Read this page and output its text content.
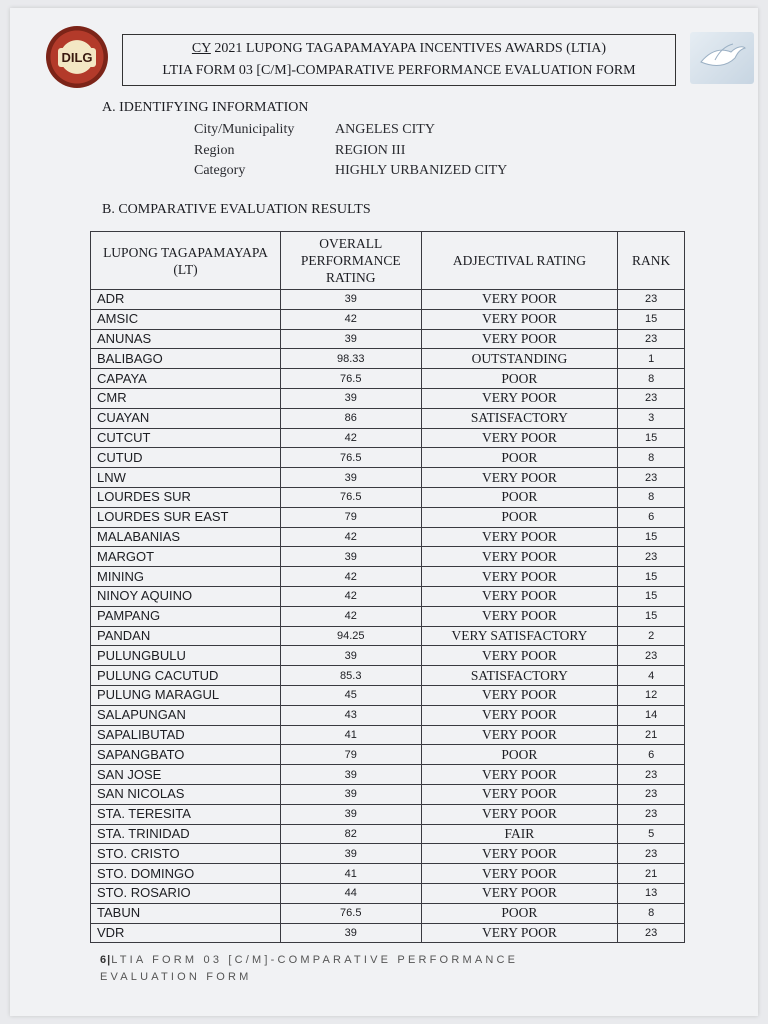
DILG
CY 2021 LUPONG TAGAPAMAYAPA INCENTIVES AWARDS (LTIA)
LTIA FORM 03 [C/M]-COMPARATIVE PERFORMANCE EVALUATION FORM
A. IDENTIFYING INFORMATION
City/Municipality	ANGELES CITY
Region	REGION III
Category	HIGHLY URBANIZED CITY
B. COMPARATIVE EVALUATION RESULTS
LUPONG TAGAPAMAYAPA (LT)	OVERALL PERFORMANCE RATING	ADJECTIVAL RATING	RANK
ADR	39	VERY POOR	23
AMSIC	42	VERY POOR	15
ANUNAS	39	VERY POOR	23
BALIBAGO	98.33	OUTSTANDING	1
CAPAYA	76.5	POOR	8
CMR	39	VERY POOR	23
CUAYAN	86	SATISFACTORY	3
CUTCUT	42	VERY POOR	15
CUTUD	76.5	POOR	8
LNW	39	VERY POOR	23
LOURDES SUR	76.5	POOR	8
LOURDES SUR EAST	79	POOR	6
MALABANIAS	42	VERY POOR	15
MARGOT	39	VERY POOR	23
MINING	42	VERY POOR	15
NINOY AQUINO	42	VERY POOR	15
PAMPANG	42	VERY POOR	15
PANDAN	94.25	VERY SATISFACTORY	2
PULUNGBULU	39	VERY POOR	23
PULUNG CACUTUD	85.3	SATISFACTORY	4
PULUNG MARAGUL	45	VERY POOR	12
SALAPUNGAN	43	VERY POOR	14
SAPALIBUTAD	41	VERY POOR	21
SAPANGBATO	79	POOR	6
SAN JOSE	39	VERY POOR	23
SAN NICOLAS	39	VERY POOR	23
STA. TERESITA	39	VERY POOR	23
STA. TRINIDAD	82	FAIR	5
STO. CRISTO	39	VERY POOR	23
STO. DOMINGO	41	VERY POOR	21
STO. ROSARIO	44	VERY POOR	13
TABUN	76.5	POOR	8
VDR	39	VERY POOR	23
6|LTIA FORM 03 [C/M]-COMPARATIVE PERFORMANCE EVALUATION FORM
